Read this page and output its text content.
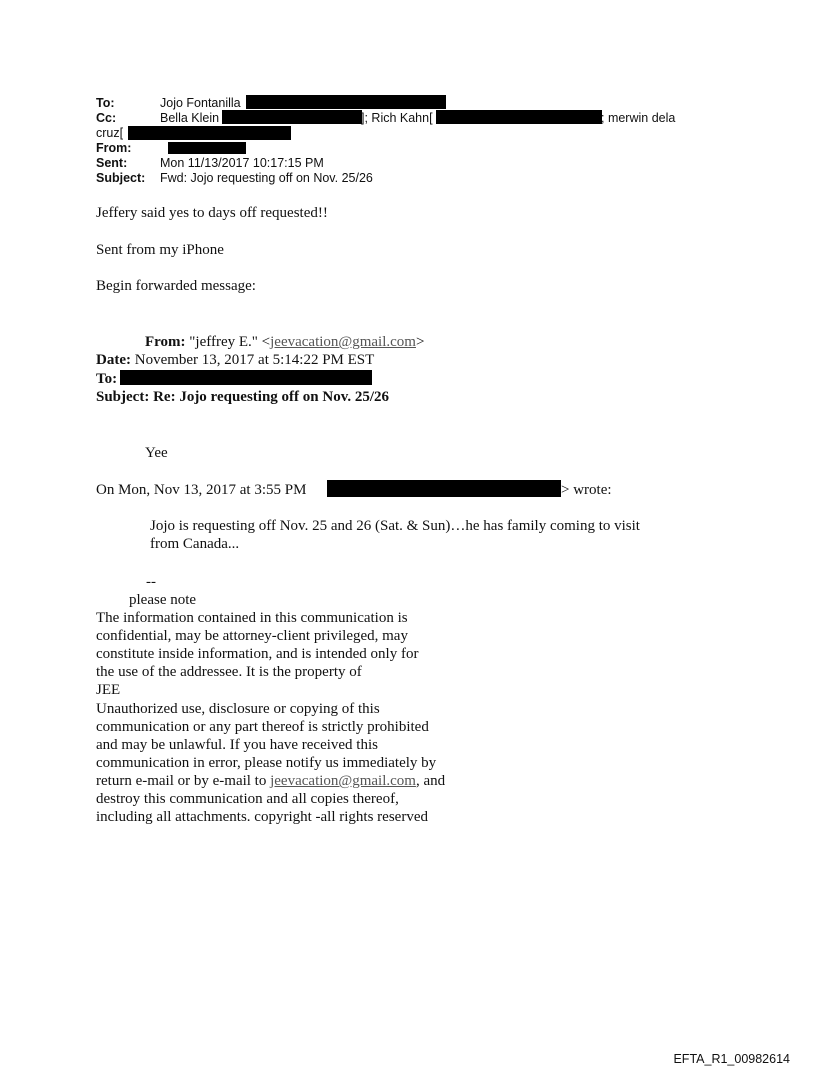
To:	Jojo Fontanilla
Cc:	Bella Klein	]; Rich Kahn[	; merwin dela
cruz[
From:
Sent:	Mon 11/13/2017 10:17:15 PM
Subject: Fwd: Jojo requesting off on Nov. 25/26
Jeffery said yes to days off requested!!
Sent from my iPhone
Begin forwarded message:
From: "jeffrey E." <jeevacation@gmail.com>
Date: November 13, 2017 at 5:14:22 PM EST
To:
Subject: Re: Jojo requesting off on Nov. 25/26
Yee
On Mon, Nov 13, 2017 at 3:55 PM	> wrote:
Jojo is requesting off Nov. 25 and 26 (Sat. & Sun)…he has family coming to visit
from Canada...
--
please note
The information contained in this communication is
confidential, may be attorney-client privileged, may
constitute inside information, and is intended only for
the use of the addressee. It is the property of
JEE
Unauthorized use, disclosure or copying of this
communication or any part thereof is strictly prohibited
and may be unlawful. If you have received this
communication in error, please notify us immediately by
return e-mail or by e-mail to jeevacation@gmail.com, and
destroy this communication and all copies thereof,
including all attachments. copyright -all rights reserved
EFTA_R1_00982614
